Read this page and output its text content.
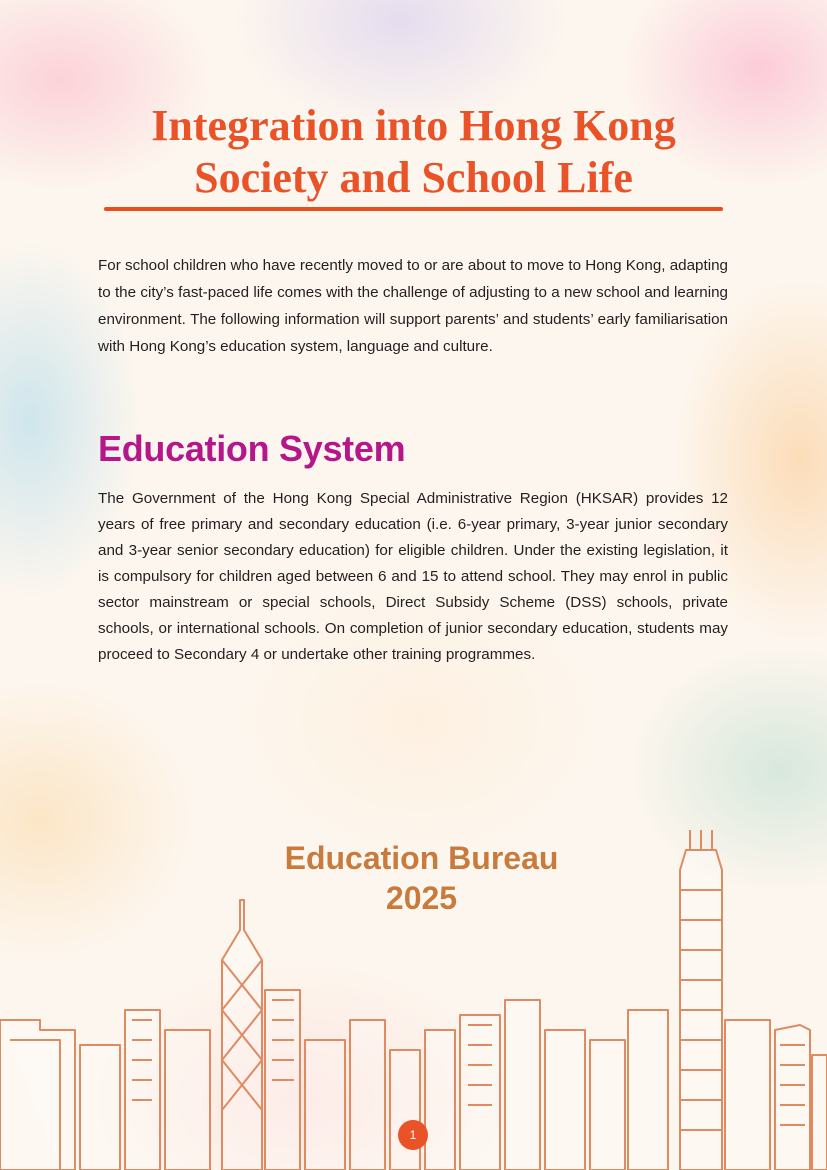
Integration into Hong Kong
Society and School Life

For school children who have recently moved to or are about to move to Hong Kong, adapting to the city’s fast-paced life comes with the challenge of adjusting to a new school and learning environment. The following information will support parents’ and students’ early familiarisation with Hong Kong’s education system, language and culture.

Education System

The Government of the Hong Kong Special Administrative Region (HKSAR) provides 12 years of free primary and secondary education (i.e. 6-year primary, 3-year junior secondary and 3-year senior secondary education) for eligible children. Under the existing legislation, it is compulsory for children aged between 6 and 15 to attend school. They may enrol in public sector mainstream or special schools, Direct Subsidy Scheme (DSS) schools, private schools, or international schools. On completion of junior secondary education, students may proceed to Secondary 4 or undertake other training programmes.

Education Bureau
2025
1
